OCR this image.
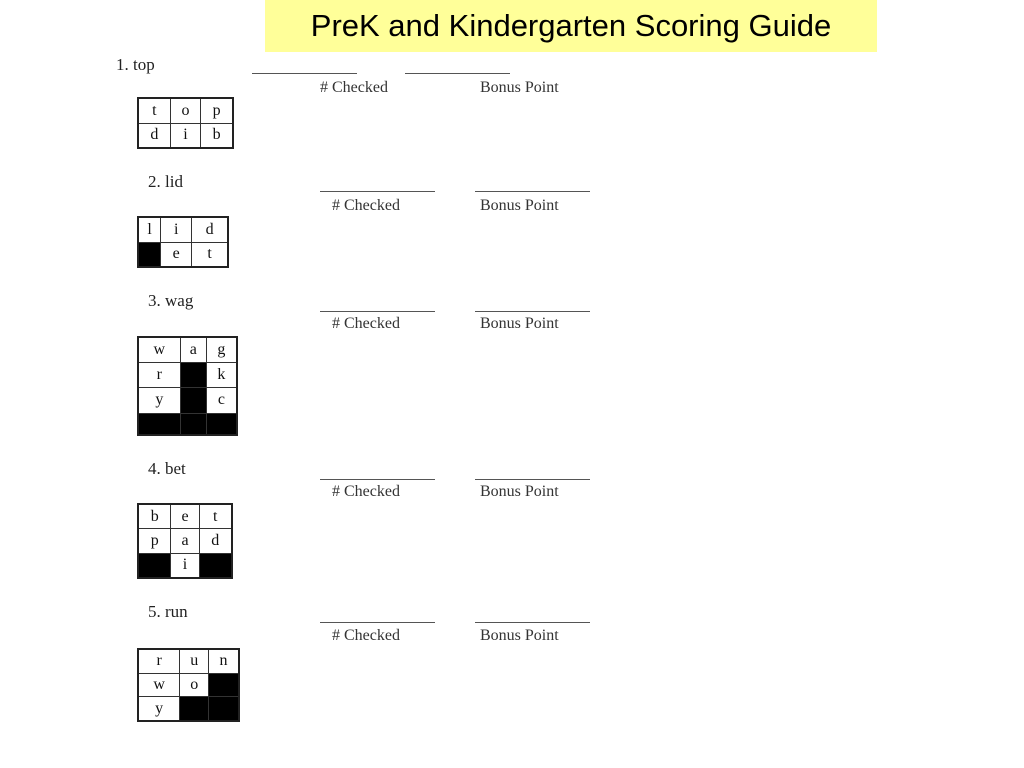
PreK and Kindergarten Scoring Guide
1. top
# Checked	Bonus Point
t	o	p
d	i	b
2. lid
# Checked	Bonus Point
l	i	d
	e	t
3. wag
# Checked	Bonus Point
w	a	g
r		k
y		c

4. bet
# Checked	Bonus Point
b	e	t
p	a	d
	i	
5. run
# Checked	Bonus Point
r	u	n
w	o	
y		
